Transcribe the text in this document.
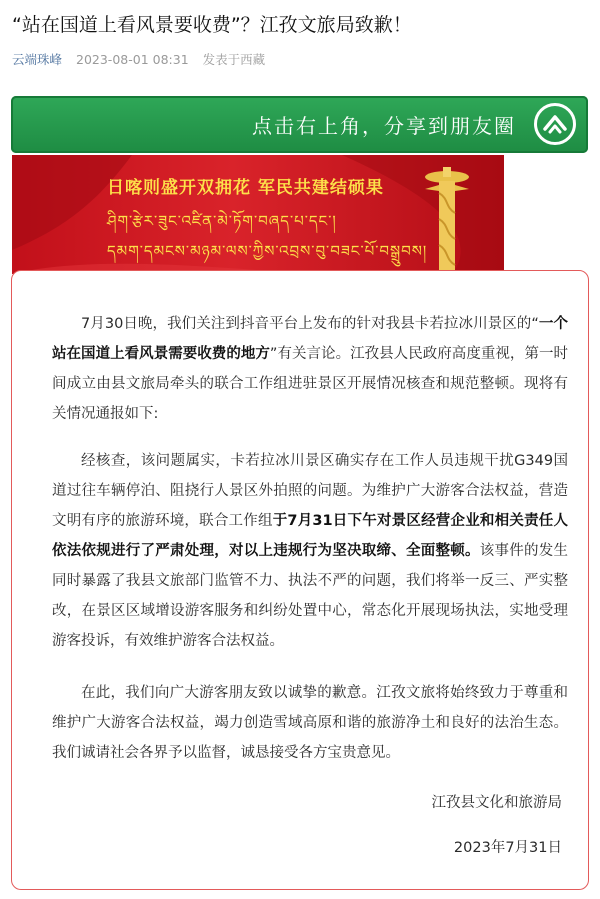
“站在国道上看风景要收费”？江孜文旅局致歉！
云端珠峰 2023-08-01 08:31 发表于西藏
点击右上角，分享到朋友圈
日喀则盛开双拥花 军民共建结硕果
ཤིག་རྩེར་ཟུང་འཛིན་མེ་ཏོག་བཞད་པ་དང་།
དམག་དམངས་མཉམ་ལས་ཀྱིས་འབྲས་བུ་བཟང་པོ་བསྒྲུབས།

7月30日晚，我们关注到抖音平台上发布的针对我县卡若拉冰川景区的“一个站在国道上看风景需要收费的地方”有关言论。江孜县人民政府高度重视，第一时间成立由县文旅局牵头的联合工作组进驻景区开展情况核查和规范整顿。现将有关情况通报如下:

经核查，该问题属实，卡若拉冰川景区确实存在工作人员违规干扰G349国道过往车辆停泊、阻挠行人景区外拍照的问题。为维护广大游客合法权益，营造文明有序的旅游环境，联合工作组于7月31日下午对景区经营企业和相关责任人依法依规进行了严肃处理，对以上违规行为坚决取缔、全面整顿。该事件的发生同时暴露了我县文旅部门监管不力、执法不严的问题，我们将举一反三、严实整改，在景区区域增设游客服务和纠纷处置中心，常态化开展现场执法，实地受理游客投诉，有效维护游客合法权益。

在此，我们向广大游客朋友致以诚挚的歉意。江孜文旅将始终致力于尊重和维护广大游客合法权益，竭力创造雪域高原和谐的旅游净土和良好的法治生态。我们诚请社会各界予以监督，诚恳接受各方宝贵意见。

江孜县文化和旅游局
2023年7月31日
